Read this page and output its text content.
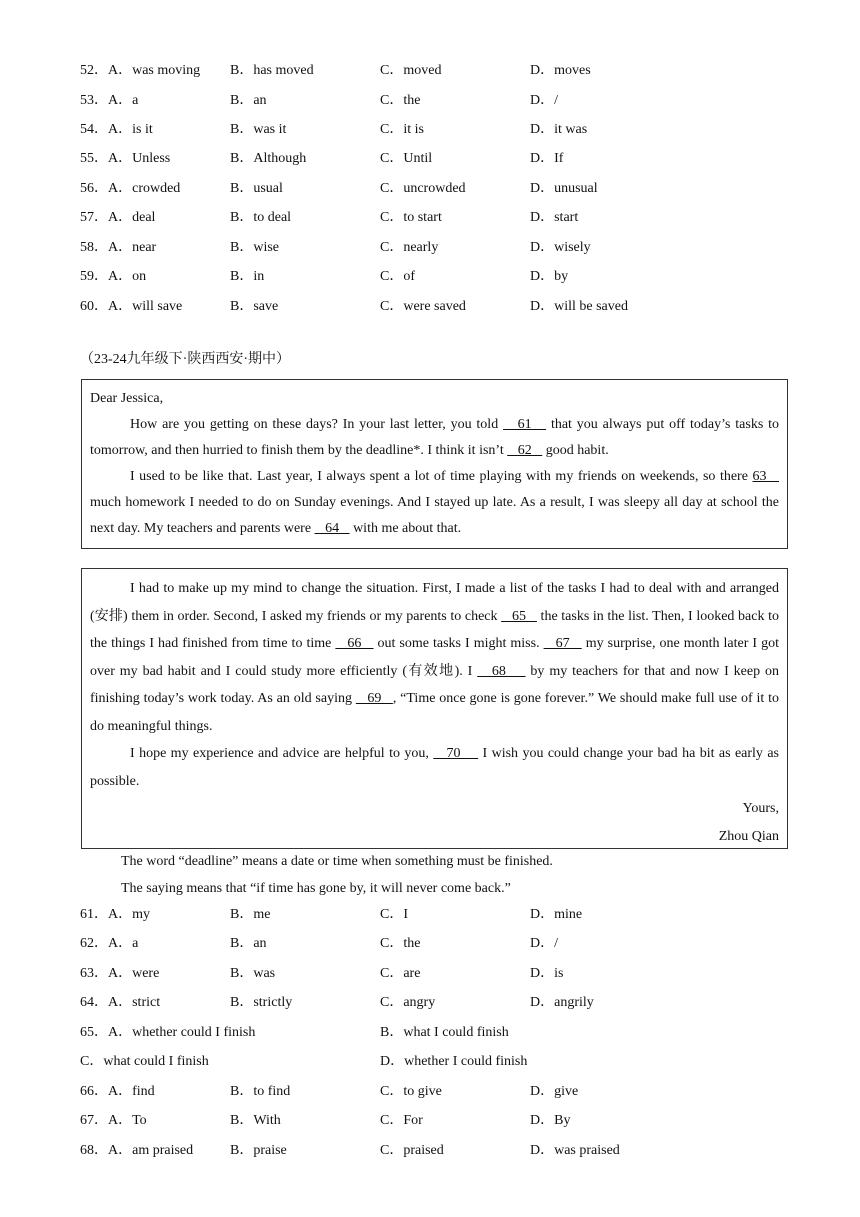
52．A．was moving B．has moved	C．moved	D．moves
53．A．a	B．an	C．the	D．/
54．A．is it	B．was it	C．it is	D．it was
55．A．Unless	B．Although	C．Until	D．If
56．A．crowded	B．usual	C．uncrowded	D．unusual
57．A．deal	B．to deal	C．to start	D．start
58．A．near	B．wise	C．nearly	D．wisely
59．A．on	B．in	C．of	D．by
60．A．will save	B．save	C．were saved	D．will be saved
（23-24九年级下·陕西西安·期中）

Dear Jessica,

How are you getting on these days? In your last letter, you told    61    that you always put off today’s tasks to tomorrow, and then hurried to finish them by the deadline*. I think it isn’t    62    good habit.

I used to be like that. Last year, I always spent a lot of time playing with my friends on weekends, so there 63    much homework I needed to do on Sunday evenings. And I stayed up late. As a result, I was sleepy all day at school the next day. My teachers and parents were    64    with me about that.

I had to make up my mind to change the situation. First, I made a list of the tasks I had to deal with and arranged (安排) them in order. Second, I asked my friends or my parents to check    65    the tasks in the list. Then, I looked back to the things I had finished from time to time    66    out some tasks I might miss.    67    my surprise, one month later I got over my bad habit and I could study more efficiently (有效地). I    68     by my teachers for that and now I keep on finishing today’s work today. As an old saying    69   , “Time once gone is gone forever.” We should make full use of it to do meaningful things.

I hope my experience and advice are helpful to you,    70     I wish you could change your bad ha bit as early as possible.

Yours,

Zhou Qian

The word “deadline” means a date or time when something must be finished.
The saying means that “if time has gone by, it will never come back.”
61．A．my	B．me	C．I	D．mine
62．A．a	B．an	C．the	D．/
63．A．were	B．was	C．are	D．is
64．A．strict	B．strictly	C．angry	D．angrily
65．A．whether could I finish	B．what I could finish
C．what could I finish	D．whether I could finish
66．A．find	B．to find	C．to give	D．give
67．A．To	B．With	C．For	D．By
68．A．am praised	B．praise	C．praised	D．was praised
